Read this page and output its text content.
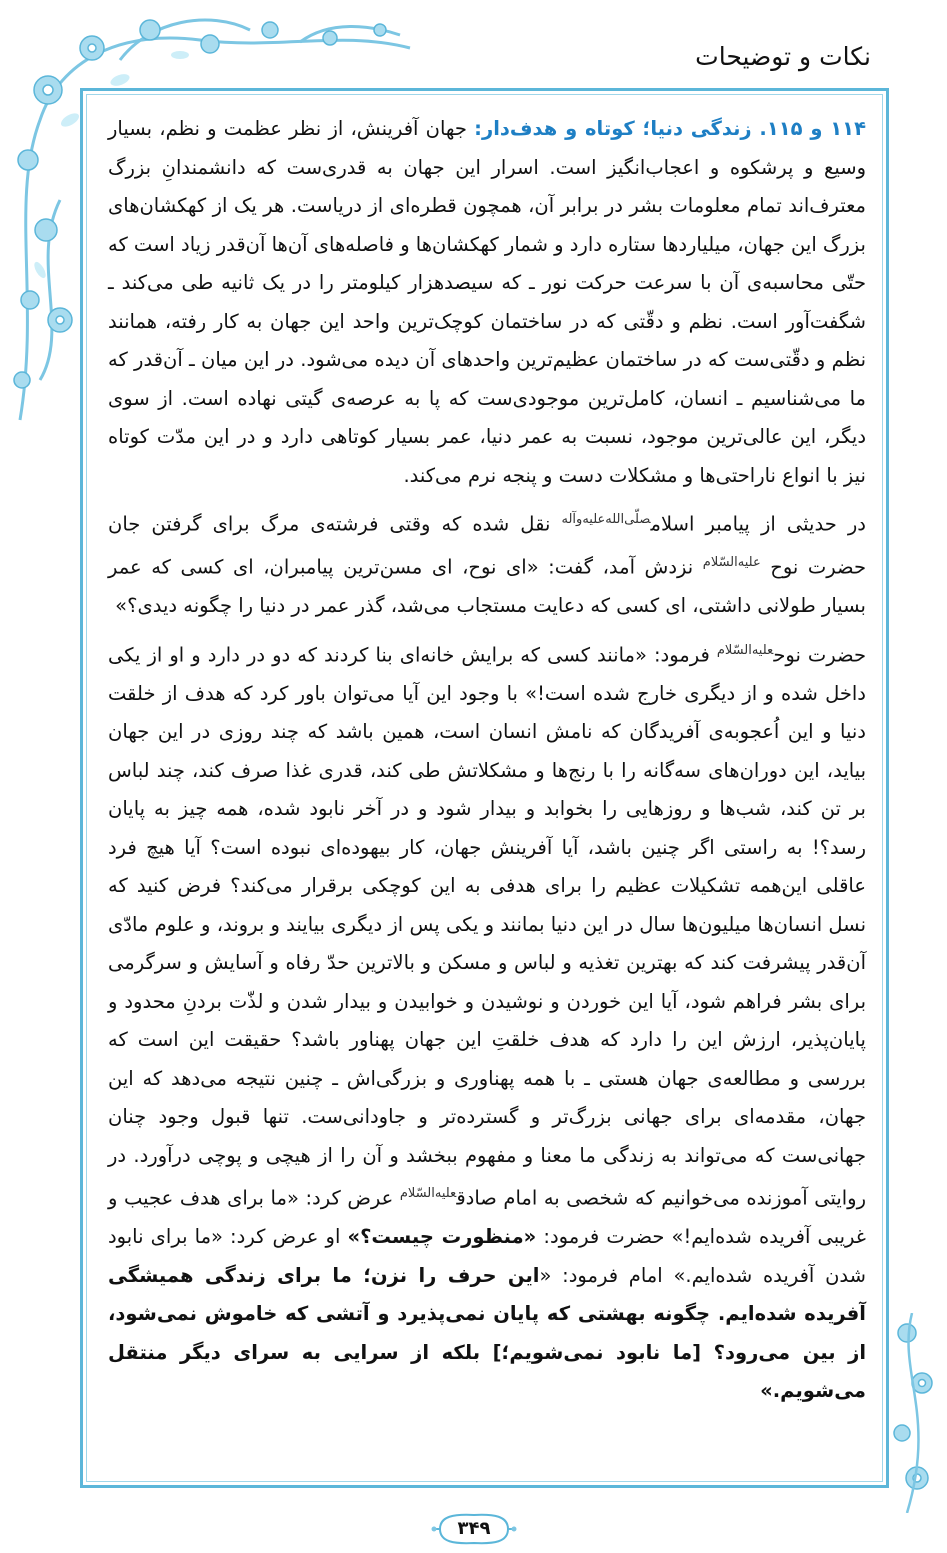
نکات و توضیحات

۱۱۴ و ۱۱۵. زندگی دنیا؛ کوتاه و هدف‌دار: جهان آفرینش، از نظر عظمت و نظم، بسیار وسیع و پرشکوه و اعجاب‌انگیز است. اسرار این جهان به قدری‌ست که دانشمندانِ بزرگ معترف‌اند تمام معلومات بشر در برابر آن، همچون قطره‌ای از دریاست. هر یک از کهکشان‌های بزرگ این جهان، میلیاردها ستاره دارد و شمار کهکشان‌ها و فاصله‌های آن‌ها آن‌قدر زیاد است که حتّی محاسبه‌ی آن با سرعت حرکت نور ـ که سیصدهزار کیلومتر را در یک ثانیه طی می‌کند ـ شگفت‌آور است. نظم و دقّتی که در ساختمان کوچک‌ترین واحد این جهان به کار رفته، همانند نظم و دقّتی‌ست که در ساختمان عظیم‌ترین واحدهای آن دیده می‌شود. در این میان ـ آن‌قدر که ما می‌شناسیم ـ انسان، کامل‌ترین موجودی‌ست که پا به عرصه‌ی گیتی نهاده است. از سوی دیگر، این عالی‌ترین موجود، نسبت به عمر دنیا، عمر بسیار کوتاهی دارد و در این مدّت کوتاه نیز با انواع ناراحتی‌ها و مشکلات دست و پنجه نرم می‌کند.

در حدیثی از پیامبر اسلام$^{صلّی‌الله‌علیه‌وآله}$ نقل شده که وقتی فرشته‌ی مرگ برای گرفتن جان حضرت نوح $^{علیه‌السّلام}$ نزدش آمد، گفت: «ای نوح، ای مسن‌ترین پیامبران، ای کسی که عمر بسیار طولانی داشتی، ای کسی که دعایت مستجاب می‌شد، گذر عمر در دنیا را چگونه دیدی؟»

حضرت نوح$^{علیه‌السّلام}$ فرمود: «مانند کسی که برایش خانه‌ای بنا کردند که دو در دارد و او از یکی داخل شده و از دیگری خارج شده است!» با وجود این آیا می‌توان باور کرد که هدف از خلقت دنیا و این اُعجوبه‌ی آفریدگان که نامش انسان است، همین باشد که چند روزی در این جهان بیاید، این دوران‌های سه‌گانه را با رنج‌ها و مشکلاتش طی کند، قدری غذا صرف کند، چند لباس بر تن کند، شب‌ها و روزهایی را بخوابد و بیدار شود و در آخر نابود شده، همه چیز به پایان رسد؟! به راستی اگر چنین باشد، آیا آفرینش جهان، کار بیهوده‌ای نبوده است؟ آیا هیچ فرد عاقلی این‌همه تشکیلات عظیم را برای هدفی به این کوچکی برقرار می‌کند؟ فرض کنید که نسل انسان‌ها میلیون‌ها سال در این دنیا بمانند و یکی پس از دیگری بیایند و بروند، و علوم مادّی آن‌قدر پیشرفت کند که بهترین تغذیه و لباس و مسکن و بالاترین حدّ رفاه و آسایش و سرگرمی برای بشر فراهم شود، آیا این خوردن و نوشیدن و خوابیدن و بیدار شدن و لذّت بردنِ محدود و پایان‌پذیر، ارزش این را دارد که هدف خلقتِ این جهان پهناور باشد؟ حقیقت این است که بررسی و مطالعه‌ی جهان هستی ـ با همه پهناوری و بزرگی‌اش ـ چنین نتیجه می‌دهد که این جهان، مقدمه‌ای برای جهانی بزرگ‌تر و گسترده‌تر و جاودانی‌ست. تنها قبول وجود چنان جهانی‌ست که می‌تواند به زندگی ما معنا و مفهوم ببخشد و آن را از هیچی و پوچی درآورد. در روایتی آموزنده می‌خوانیم که شخصی به امام صادق$^{علیه‌السّلام}$ عرض کرد: «ما برای هدف عجیب و غریبی آفریده شده‌ایم!» حضرت فرمود: «منظورت چیست؟» او عرض کرد: «ما برای نابود شدن آفریده شده‌ایم.» امام فرمود: «این حرف را نزن؛ ما برای زندگی همیشگی آفریده شده‌ایم. چگونه بهشتی که پایان نمی‌پذیرد و آتشی که خاموش نمی‌شود، از بین می‌رود؟ [ما نابود نمی‌شویم؛] بلکه از سرایی به سرای دیگر منتقل می‌شویم.»

۳۴۹
